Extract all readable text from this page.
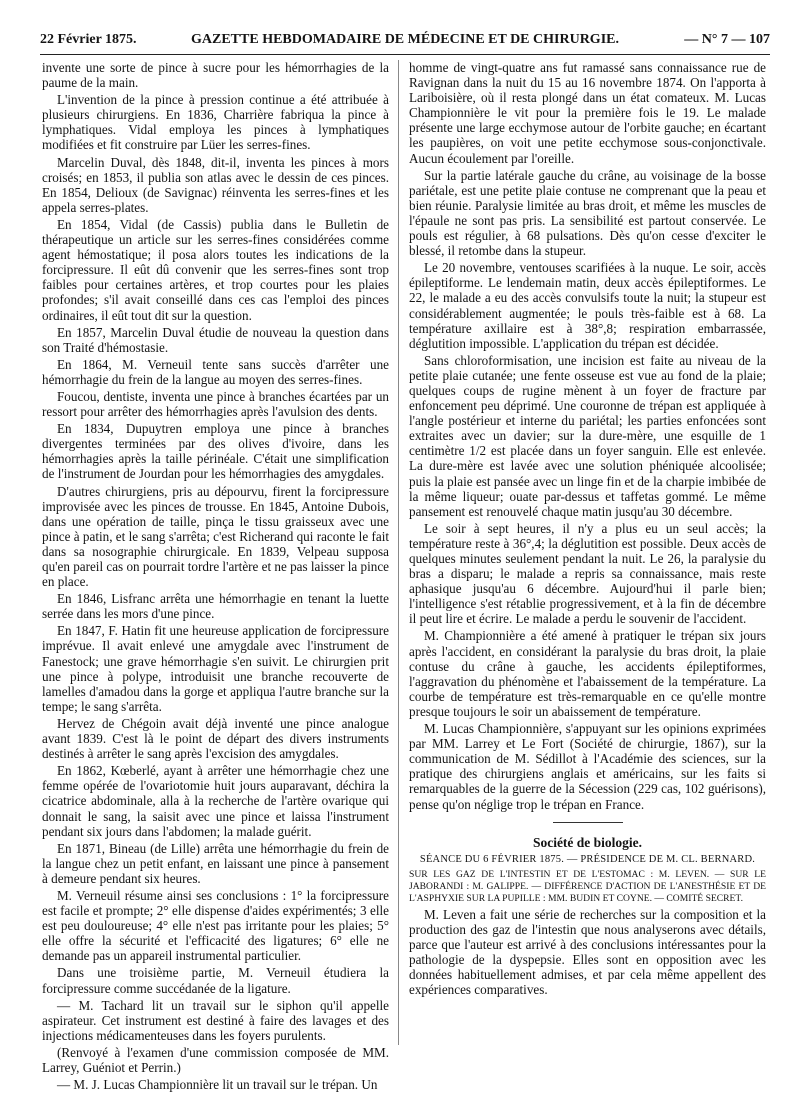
22 Février 1875.	GAZETTE HEBDOMADAIRE DE MÉDECINE ET DE CHIRURGIE.	— N° 7 — 107

invente une sorte de pince à sucre pour les hémorrhagies de la paume de la main.

L'invention de la pince à pression continue a été attribuée à plusieurs chirurgiens. En 1836, Charrière fabriqua la pince à lymphatiques. Vidal employa les pinces à lymphatiques modifiées et fit construire par Lüer les serres-fines.

Marcelin Duval, dès 1848, dit-il, inventa les pinces à mors croisés; en 1853, il publia son atlas avec le dessin de ces pinces. En 1854, Delioux (de Savignac) réinventa les serres-fines et les appela serres-plates.

En 1854, Vidal (de Cassis) publia dans le Bulletin de thérapeutique un article sur les serres-fines considérées comme agent hémostatique; il posa alors toutes les indications de la forcipressure. Il eût dû convenir que les serres-fines sont trop faibles pour certaines artères, et trop courtes pour les plaies profondes; s'il avait conseillé dans ces cas l'emploi des pinces ordinaires, il eût tout dit sur la question.

En 1857, Marcelin Duval étudie de nouveau la question dans son Traité d'hémostasie.

En 1864, M. Verneuil tente sans succès d'arrêter une hémorrhagie du frein de la langue au moyen des serres-fines.

Foucou, dentiste, inventa une pince à branches écartées par un ressort pour arrêter des hémorrhagies après l'avulsion des dents.

En 1834, Dupuytren employa une pince à branches divergentes terminées par des olives d'ivoire, dans les hémorrhagies après la taille périnéale. C'était une simplification de l'instrument de Jourdan pour les hémorrhagies des amygdales.

D'autres chirurgiens, pris au dépourvu, firent la forcipressure improvisée avec les pinces de trousse. En 1845, Antoine Dubois, dans une opération de taille, pinça le tissu graisseux avec une pince à patin, et le sang s'arrêta; c'est Richerand qui raconte le fait dans sa nosographie chirurgicale. En 1839, Velpeau supposa qu'en pareil cas on pourrait tordre l'artère et ne pas laisser la pince en place.

En 1846, Lisfranc arrêta une hémorrhagie en tenant la luette serrée dans les mors d'une pince.

En 1847, F. Hatin fit une heureuse application de forcipressure imprévue. Il avait enlevé une amygdale avec l'instrument de Fanestock; une grave hémorrhagie s'en suivit. Le chirurgien prit une pince à polype, introduisit une branche recouverte de lamelles d'amadou dans la gorge et appliqua l'autre branche sur la tempe; le sang s'arrêta.

Hervez de Chégoin avait déjà inventé une pince analogue avant 1839. C'est là le point de départ des divers instruments destinés à arrêter le sang après l'excision des amygdales.

En 1862, Kœberlé, ayant à arrêter une hémorrhagie chez une femme opérée de l'ovariotomie huit jours auparavant, déchira la cicatrice abdominale, alla à la recherche de l'artère ovarique qui donnait le sang, la saisit avec une pince et laissa l'instrument pendant six jours dans l'abdomen; la malade guérit.

En 1871, Bineau (de Lille) arrêta une hémorrhagie du frein de la langue chez un petit enfant, en laissant une pince à pansement à demeure pendant six heures.

M. Verneuil résume ainsi ses conclusions : 1° la forcipressure est facile et prompte; 2° elle dispense d'aides expérimentés; 3 elle est peu douloureuse; 4° elle n'est pas irritante pour les plaies; 5° elle offre la sécurité et l'efficacité des ligatures; 6° elle ne demande pas un appareil instrumental particulier.

Dans une troisième partie, M. Verneuil étudiera la forcipressure comme succédanée de la ligature.

— M. Tachard lit un travail sur le siphon qu'il appelle aspirateur. Cet instrument est destiné à faire des lavages et des injections médicamenteuses dans les foyers purulents.

(Renvoyé à l'examen d'une commission composée de MM. Larrey, Guéniot et Perrin.)

— M. J. Lucas Championnière lit un travail sur le trépan. Un

homme de vingt-quatre ans fut ramassé sans connaissance rue de Ravignan dans la nuit du 15 au 16 novembre 1874. On l'apporta à Lariboisière, où il resta plongé dans un état comateux. M. Lucas Championnière le vit pour la première fois le 19. Le malade présente une large ecchymose autour de l'orbite gauche; en écartant les paupières, on voit une petite ecchymose sous-conjonctivale. Aucun écoulement par l'oreille.

Sur la partie latérale gauche du crâne, au voisinage de la bosse pariétale, est une petite plaie contuse ne comprenant que la peau et bien réunie. Paralysie limitée au bras droit, et même les muscles de l'épaule ne sont pas pris. La sensibilité est partout conservée. Le pouls est régulier, à 68 pulsations. Dès qu'on cesse d'exciter le blessé, il retombe dans la stupeur.

Le 20 novembre, ventouses scarifiées à la nuque. Le soir, accès épileptiforme. Le lendemain matin, deux accès épileptiformes. Le 22, le malade a eu des accès convulsifs toute la nuit; la stupeur est considérablement augmentée; le pouls très-faible est à 68. La température axillaire est à 38°,8; respiration embarrassée, déglutition impossible. L'application du trépan est décidée.

Sans chloroformisation, une incision est faite au niveau de la petite plaie cutanée; une fente osseuse est vue au fond de la plaie; quelques coups de rugine mènent à un foyer de fracture par enfoncement peu déprimé. Une couronne de trépan est appliquée à l'angle postérieur et interne du pariétal; les parties enfoncées sont extraites avec un davier; sur la dure-mère, une esquille de 1 centimètre 1/2 est placée dans un foyer sanguin. Elle est enlevée. La dure-mère est lavée avec une solution phéniquée alcoolisée; puis la plaie est pansée avec un linge fin et de la charpie imbibée de la même liqueur; ouate par-dessus et taffetas gommé. Le même pansement est renouvelé chaque matin jusqu'au 30 décembre.

Le soir à sept heures, il n'y a plus eu un seul accès; la température reste à 36°,4; la déglutition est possible. Deux accès de quelques minutes seulement pendant la nuit. Le 26, la paralysie du bras a disparu; le malade a repris sa connaissance, mais reste aphasique jusqu'au 6 décembre. Aujourd'hui il parle bien; l'intelligence s'est rétablie progressivement, et à la fin de décembre il peut lire et écrire. Le malade a perdu le souvenir de l'accident.

M. Championnière a été amené à pratiquer le trépan six jours après l'accident, en considérant la paralysie du bras droit, la plaie contuse du crâne à gauche, les accidents épileptiformes, l'aggravation du phénomène et l'abaissement de la température. La courbe de température est très-remarquable en ce qu'elle montre presque toujours le soir un abaissement de température.

M. Lucas Championnière, s'appuyant sur les opinions exprimées par MM. Larrey et Le Fort (Société de chirurgie, 1867), sur la communication de M. Sédillot à l'Académie des sciences, sur la pratique des chirurgiens anglais et américains, sur les faits si remarquables de la guerre de la Sécession (229 cas, 102 guérisons), pense qu'on néglige trop le trépan en France.

Société de biologie.

SÉANCE DU 6 FÉVRIER 1875. — PRÉSIDENCE DE M. CL. BERNARD.

SUR LES GAZ DE L'INTESTIN ET DE L'ESTOMAC : M. LEVEN. — SUR LE JABORANDI : M. GALIPPE. — DIFFÉRENCE D'ACTION DE L'ANESTHÉSIE ET DE L'ASPHYXIE SUR LA PUPILLE : MM. BUDIN ET COYNE. — COMITÉ SECRET.

M. Leven a fait une série de recherches sur la composition et la production des gaz de l'intestin que nous analyserons avec détails, parce que l'auteur est arrivé à des conclusions intéressantes pour la pathologie de la dyspepsie. Elles sont en opposition avec les données habituellement admises, et par cela même appellent des expériences comparatives.
